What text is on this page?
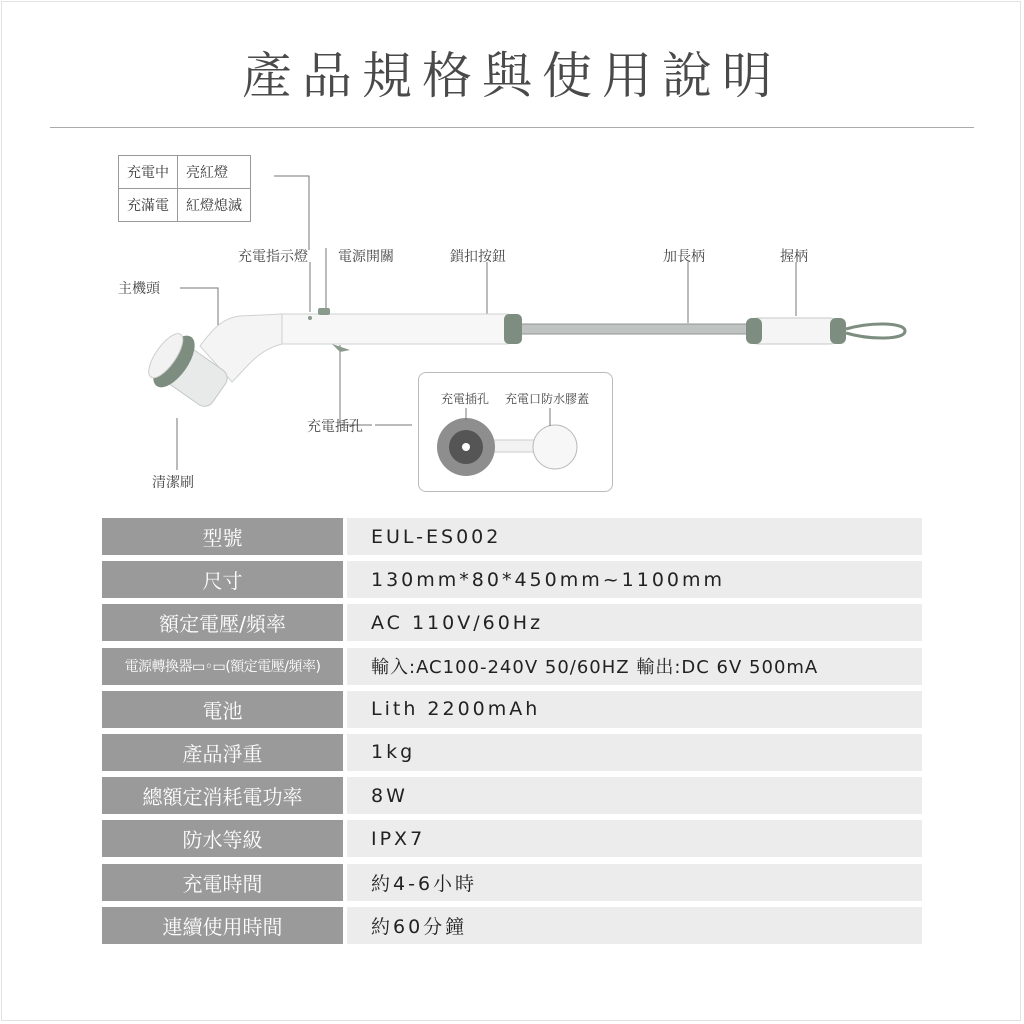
產品規格與使用說明
充電中	亮紅燈
充滿電	紅燈熄滅
充電指示燈 電源開關	鎖扣按鈕	加長柄	握柄
主機頭
充電插孔
清潔刷
充電插孔 充電口防水膠蓋
型號	EUL-ES002
尺寸	130mm*80*450mm~1100mm
額定電壓/頻率	AC 110V/60Hz
電源轉換器▭◦▭(額定電壓/頻率)	輸入:AC100-240V 50/60HZ 輸出:DC 6V 500mA
電池	Lith 2200mAh
產品淨重	1kg
總額定消耗電功率	8W
防水等級	IPX7
充電時間	約4-6小時
連續使用時間	約60分鐘
